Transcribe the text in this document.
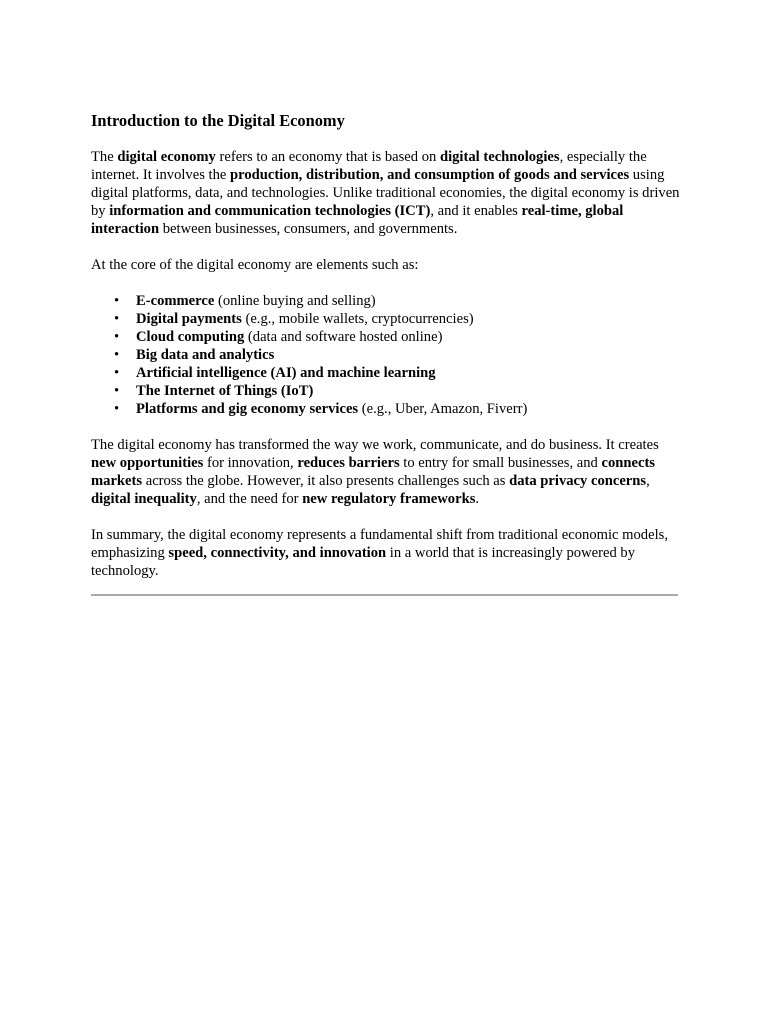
Introduction to the Digital Economy

The digital economy refers to an economy that is based on digital technologies, especially the internet. It involves the production, distribution, and consumption of goods and services using digital platforms, data, and technologies. Unlike traditional economies, the digital economy is driven by information and communication technologies (ICT), and it enables real-time, global interaction between businesses, consumers, and governments.

At the core of the digital economy are elements such as:

• E-commerce (online buying and selling)
• Digital payments (e.g., mobile wallets, cryptocurrencies)
• Cloud computing (data and software hosted online)
• Big data and analytics
• Artificial intelligence (AI) and machine learning
• The Internet of Things (IoT)
• Platforms and gig economy services (e.g., Uber, Amazon, Fiverr)

The digital economy has transformed the way we work, communicate, and do business. It creates new opportunities for innovation, reduces barriers to entry for small businesses, and connects markets across the globe. However, it also presents challenges such as data privacy concerns, digital inequality, and the need for new regulatory frameworks.

In summary, the digital economy represents a fundamental shift from traditional economic models, emphasizing speed, connectivity, and innovation in a world that is increasingly powered by technology.
